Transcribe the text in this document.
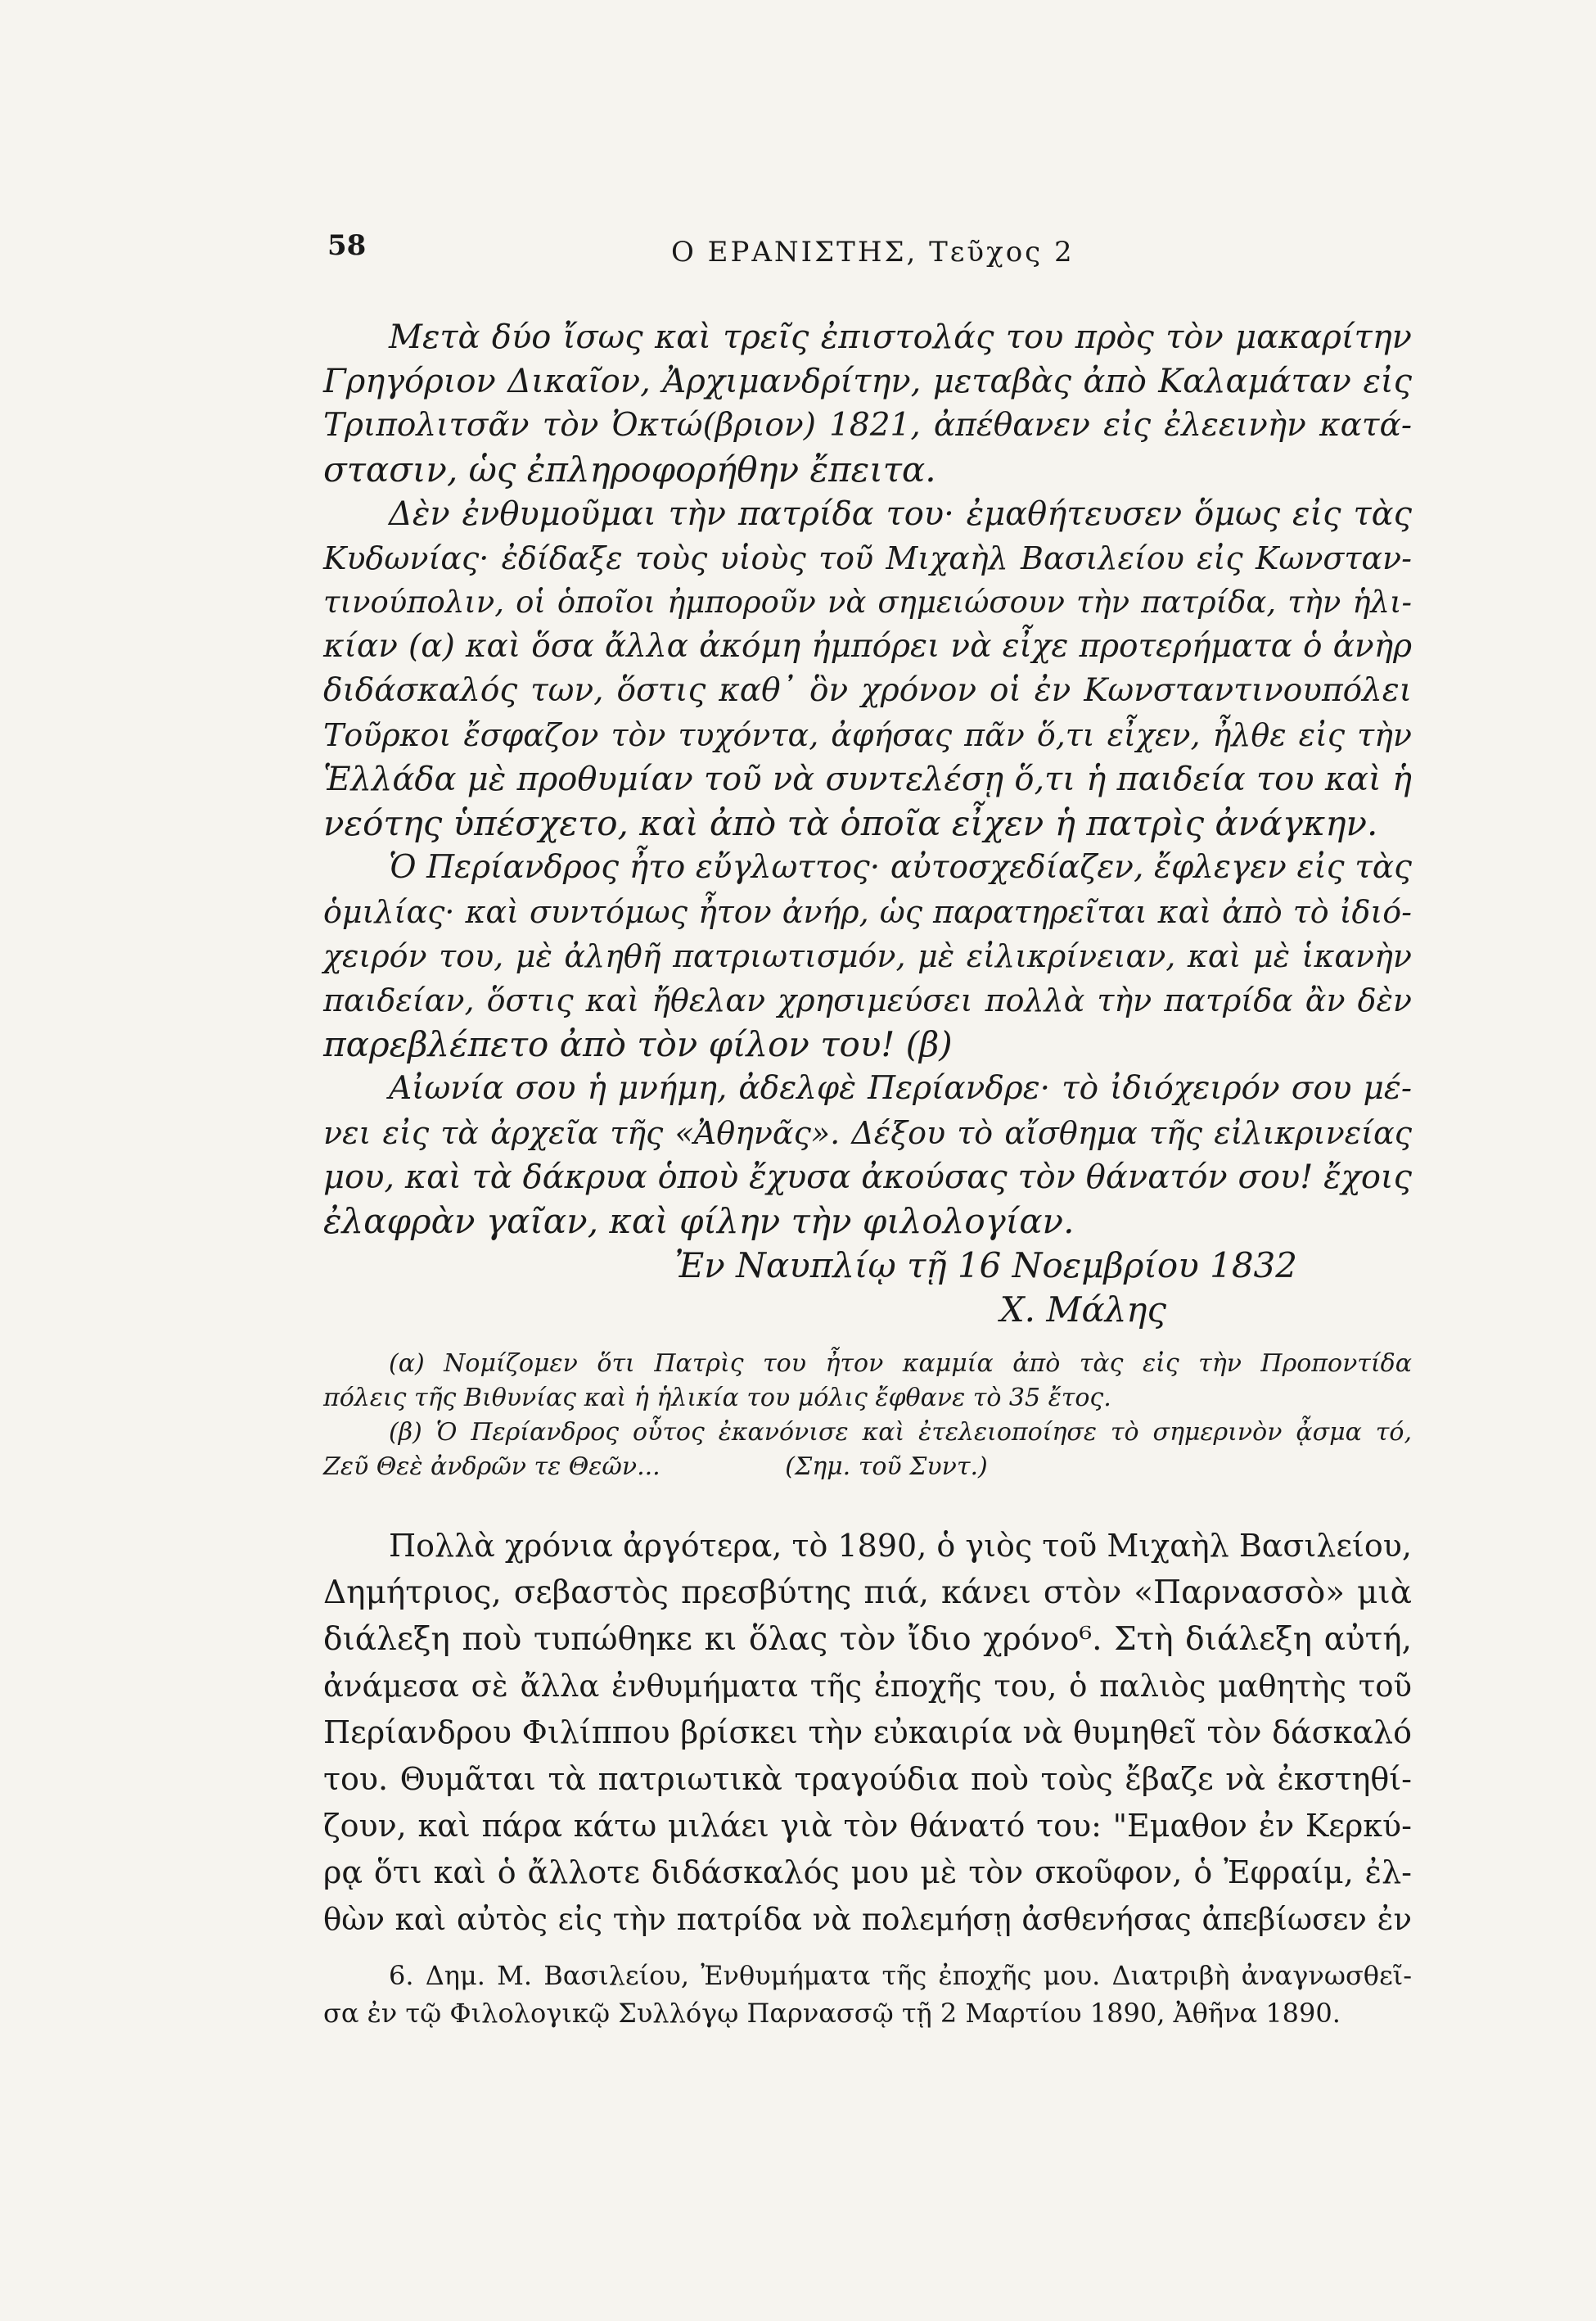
58	Ο ΕΡΑΝΙΣΤΗΣ, Τεῦχος 2
Μετὰ δύο ἴσως καὶ τρεῖς ἐπιστολάς του πρὸς τὸν μακαρίτην
Γρηγόριον Δικαῖον, Ἀρχιμανδρίτην, μεταβὰς ἀπὸ Καλαμάταν εἰς
Τριπολιτσᾶν τὸν Ὀκτώ(βριον) 1821, ἀπέθανεν εἰς ἐλεεινὴν κατά-
στασιν, ὡς ἐπληροφορήθην ἔπειτα.
Δὲν ἐνθυμοῦμαι τὴν πατρίδα του· ἐμαθήτευσεν ὅμως εἰς τὰς
Κυδωνίας· ἐδίδαξε τοὺς υἱοὺς τοῦ Μιχαὴλ Βασιλείου εἰς Κωνσταν-
τινούπολιν, οἱ ὁποῖοι ἠμποροῦν νὰ σημειώσουν τὴν πατρίδα, τὴν ἡλι-
κίαν (α) καὶ ὅσα ἄλλα ἀκόμη ἠμπόρει νὰ εἶχε προτερήματα ὁ ἀνὴρ
διδάσκαλός των, ὅστις καθ᾿ ὃν χρόνον οἱ ἐν Κωνσταντινουπόλει
Τοῦρκοι ἔσφαζον τὸν τυχόντα, ἀφήσας πᾶν ὅ,τι εἶχεν, ἦλθε εἰς τὴν
Ἑλλάδα μὲ προθυμίαν τοῦ νὰ συντελέσῃ ὅ,τι ἡ παιδεία του καὶ ἡ
νεότης ὑπέσχετο, καὶ ἀπὸ τὰ ὁποῖα εἶχεν ἡ πατρὶς ἀνάγκην.
Ὁ Περίανδρος ἦτο εὔγλωττος· αὐτοσχεδίαζεν, ἔφλεγεν εἰς τὰς
ὁμιλίας· καὶ συντόμως ἦτον ἀνήρ, ὡς παρατηρεῖται καὶ ἀπὸ τὸ ἰδιό-
χειρόν του, μὲ ἀληθῆ πατριωτισμόν, μὲ εἰλικρίνειαν, καὶ μὲ ἱκανὴν
παιδείαν, ὅστις καὶ ἤθελαν χρησιμεύσει πολλὰ τὴν πατρίδα ἂν δὲν
παρεβλέπετο ἀπὸ τὸν φίλον του! (β)
Αἰωνία σου ἡ μνήμη, ἀδελφὲ Περίανδρε· τὸ ἰδιόχειρόν σου μέ-
νει εἰς τὰ ἀρχεῖα τῆς «Ἀθηνᾶς». Δέξου τὸ αἴσθημα τῆς εἰλικρινείας
μου, καὶ τὰ δάκρυα ὁποὺ ἔχυσα ἀκούσας τὸν θάνατόν σου! ἔχοις
ἐλαφρὰν γαῖαν, καὶ φίλην τὴν φιλολογίαν.
Ἐν Ναυπλίῳ τῇ 16 Νοεμβρίου 1832
Χ. Μάλης
(α) Νομίζομεν ὅτι Πατρὶς του ἦτον καμμία ἀπὸ τὰς εἰς τὴν Προποντίδα
πόλεις τῆς Βιθυνίας καὶ ἡ ἡλικία του μόλις ἔφθανε τὸ 35 ἔτος.
(β) Ὁ Περίανδρος οὗτος ἐκανόνισε καὶ ἐτελειοποίησε τὸ σημερινὸν ᾆσμα τό,
Ζεῦ Θεὲ ἀνδρῶν τε Θεῶν...                (Σημ. τοῦ Συντ.)
Πολλὰ χρόνια ἀργότερα, τὸ 1890, ὁ γιὸς τοῦ Μιχαὴλ Βασιλείου,
Δημήτριος, σεβαστὸς πρεσβύτης πιά, κάνει στὸν «Παρνασσὸ» μιὰ
διάλεξη ποὺ τυπώθηκε κι ὅλας τὸν ἴδιο χρόνο⁶. Στὴ διάλεξη αὐτή,
ἀνάμεσα σὲ ἄλλα ἐνθυμήματα τῆς ἐποχῆς του, ὁ παλιὸς μαθητὴς τοῦ
Περίανδρου Φιλίππου βρίσκει τὴν εὐκαιρία νὰ θυμηθεῖ τὸν δάσκαλό
του. Θυμᾶται τὰ πατριωτικὰ τραγούδια ποὺ τοὺς ἔβαζε νὰ ἐκστηθί-
ζουν, καὶ πάρα κάτω μιλάει γιὰ τὸν θάνατό του: "Εμαθον ἐν Κερκύ-
ρᾳ ὅτι καὶ ὁ ἄλλοτε διδάσκαλός μου μὲ τὸν σκοῦφον, ὁ Ἐφραίμ, ἐλ-
θὼν καὶ αὐτὸς εἰς τὴν πατρίδα νὰ πολεμήσῃ ἀσθενήσας ἀπεβίωσεν ἐν
6. Δημ. Μ. Βασιλείου, Ἐνθυμήματα τῆς ἐποχῆς μου. Διατριβὴ ἀναγνωσθεῖ-
σα ἐν τῷ Φιλολογικῷ Συλλόγῳ Παρνασσῷ τῇ 2 Μαρτίου 1890, Ἀθῆνα 1890.
